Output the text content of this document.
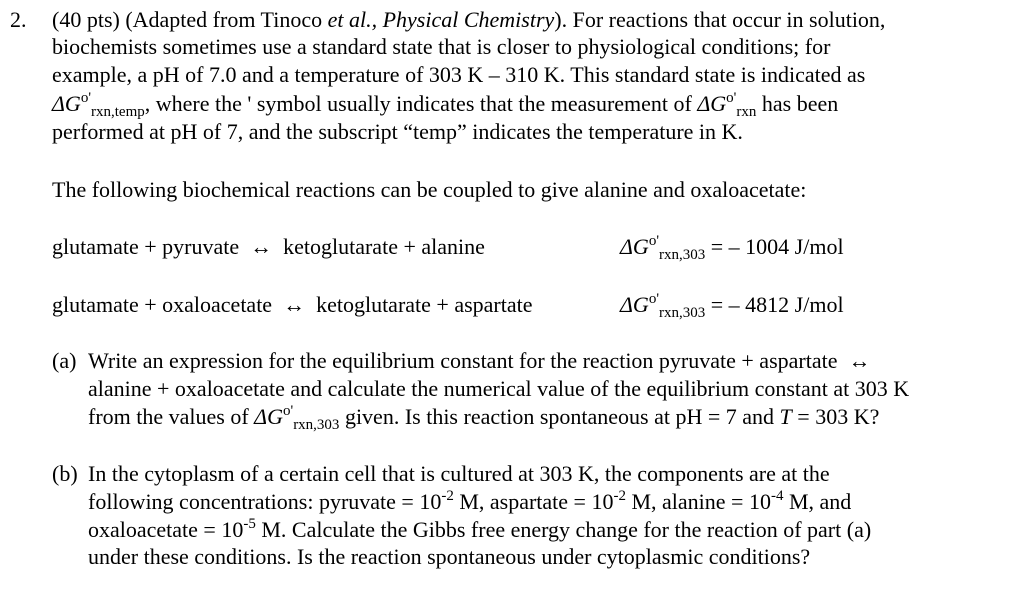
2. (40 pts) (Adapted from Tinoco et al., Physical Chemistry). For reactions that occur in solution,
biochemists sometimes use a standard state that is closer to physiological conditions; for
example, a pH of 7.0 and a temperature of 303 K – 310 K. This standard state is indicated as
$\Delta G^{o'}_{rxn,temp}$, where the ' symbol usually indicates that the measurement of $\Delta G^{o'}_{rxn}$ has been
performed at pH of 7, and the subscript “temp” indicates the temperature in K.
The following biochemical reactions can be coupled to give alanine and oxaloacetate:
glutamate + pyruvate  ↔  ketoglutarate + alanine	$\Delta G^{o'}_{rxn,303}$ = – 1004 J/mol
glutamate + oxaloacetate  ↔  ketoglutarate + aspartate	$\Delta G^{o'}_{rxn,303}$ = – 4812 J/mol
(a) Write an expression for the equilibrium constant for the reaction pyruvate + aspartate  ↔
alanine + oxaloacetate and calculate the numerical value of the equilibrium constant at 303 K
from the values of $\Delta G^{o'}_{rxn,303}$ given. Is this reaction spontaneous at pH = 7 and T = 303 K?
(b) In the cytoplasm of a certain cell that is cultured at 303 K, the components are at the
following concentrations: pyruvate = $10^{-2}$ M, aspartate = $10^{-2}$ M, alanine = $10^{-4}$ M, and
oxaloacetate = $10^{-5}$ M. Calculate the Gibbs free energy change for the reaction of part (a)
under these conditions. Is the reaction spontaneous under cytoplasmic conditions?
